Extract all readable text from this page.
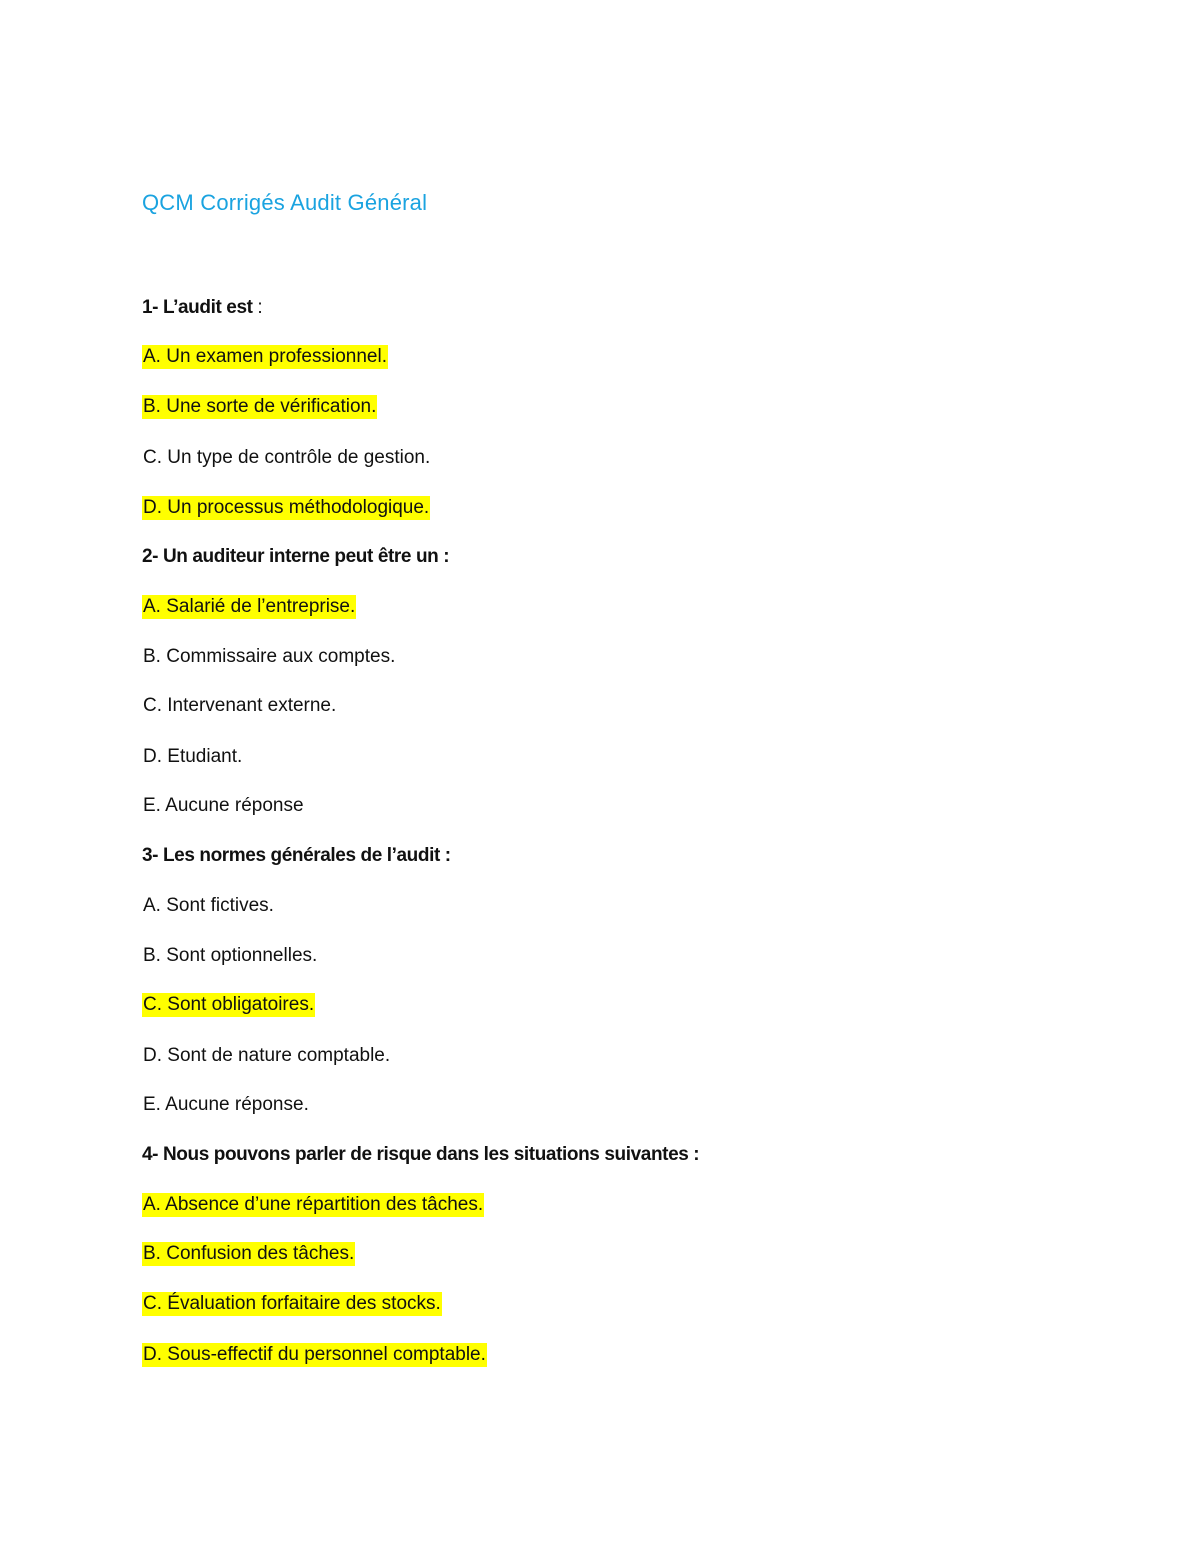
QCM Corrigés Audit Général
1- L’audit est :
A. Un examen professionnel.
B. Une sorte de vérification.
C. Un type de contrôle de gestion.
D. Un processus méthodologique.
2- Un auditeur interne peut être un :
A. Salarié de l’entreprise.
B. Commissaire aux comptes.
C. Intervenant externe.
D. Etudiant.
E. Aucune réponse
3- Les normes générales de l’audit :
A. Sont fictives.
B. Sont optionnelles.
C. Sont obligatoires.
D. Sont de nature comptable.
E. Aucune réponse.
4- Nous pouvons parler de risque dans les situations suivantes :
A. Absence d’une répartition des tâches.
B. Confusion des tâches.
C. Évaluation forfaitaire des stocks.
D. Sous-effectif du personnel comptable.
